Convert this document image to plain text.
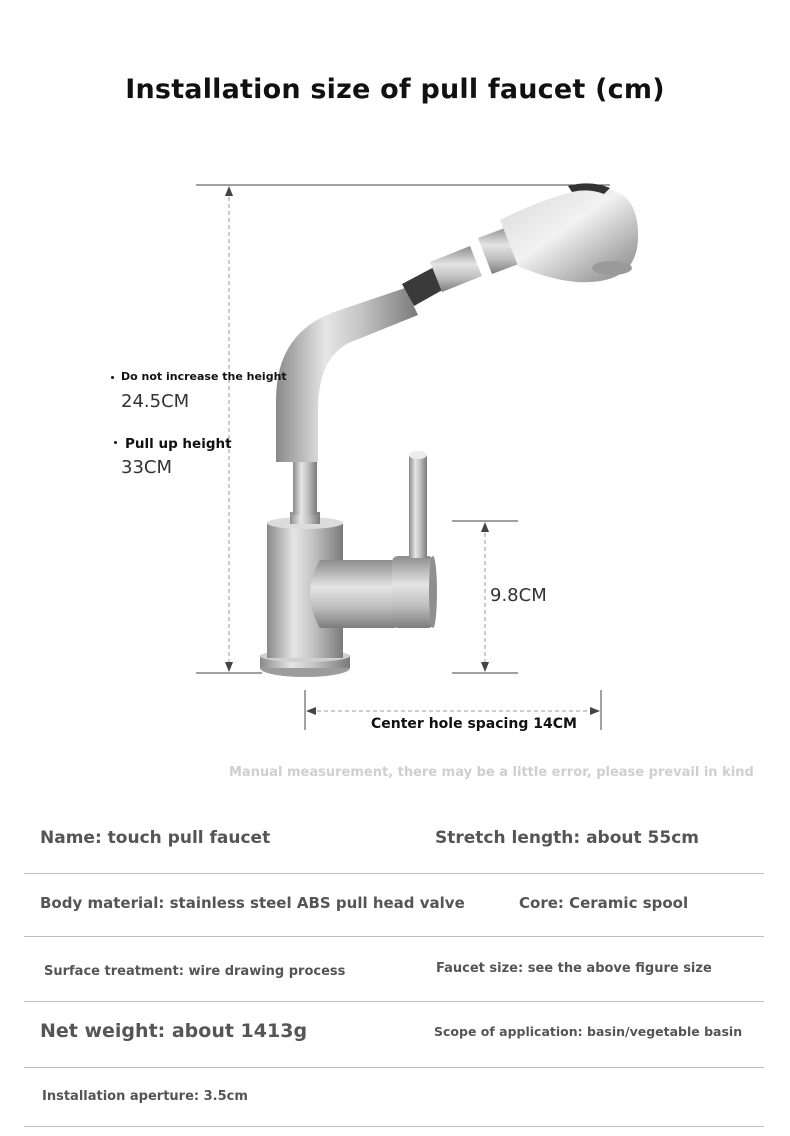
Installation size of pull faucet (cm)
Do not increase the height
24.5CM
Pull up height
33CM
9.8CM
Center hole spacing 14CM
Manual measurement, there may be a little error, please prevail in kind
Name: touch pull faucet	Stretch length: about 55cm
Body material: stainless steel ABS pull head valve	Core: Ceramic spool
Surface treatment: wire drawing process	Faucet size: see the above figure size
Net weight: about 1413g	Scope of application: basin/vegetable basin
Installation aperture: 3.5cm
